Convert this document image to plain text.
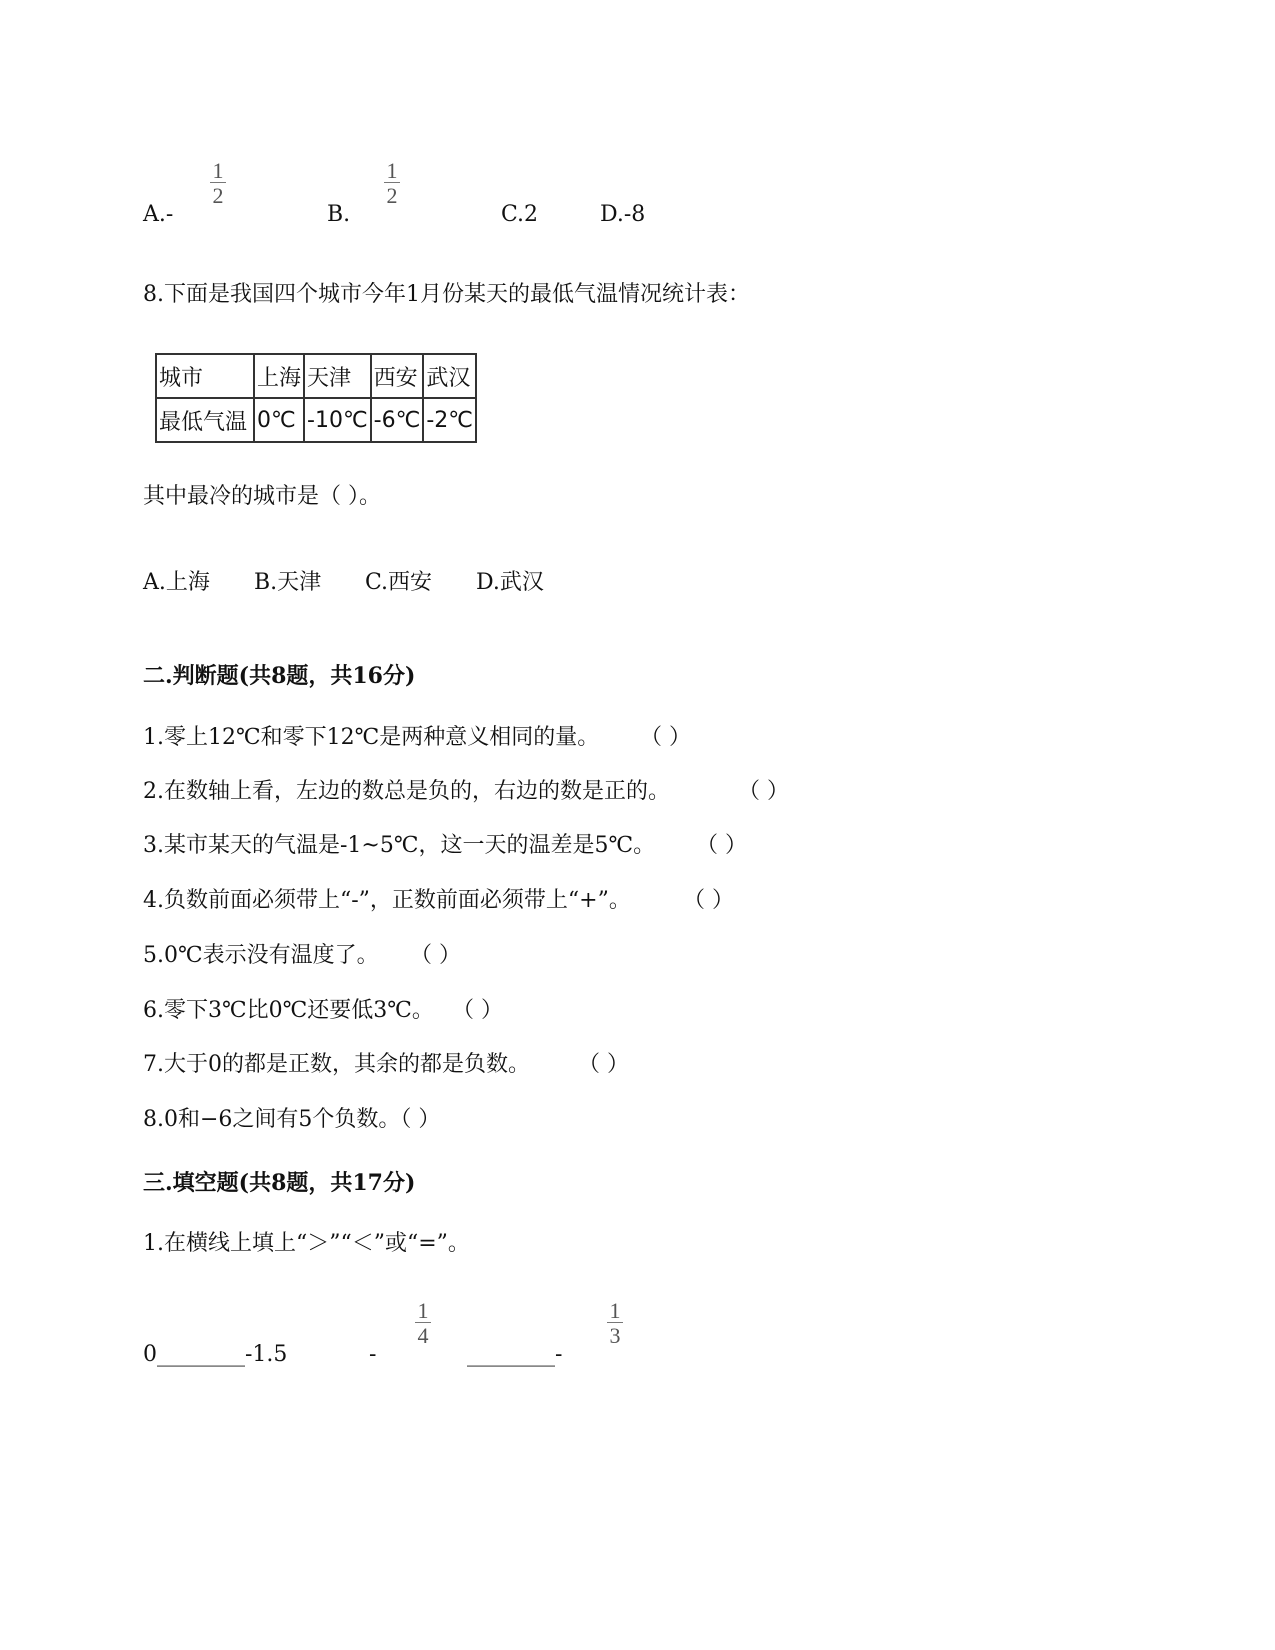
A.-
1
2
B.
1
2
C.2	D.-8
8.下面是我国四个城市今年1月份某天的最低气温情况统计表：
城市	上海	天津	西安	武汉
最低气温	0℃	-10℃	-6℃	-2℃
其中最冷的城市是（ ）。
A.上海 B.天津 C.西安 D.武汉
二.判断题(共8题，共16分)
1.零上12℃和零下12℃是两种意义相同的量。 （ ）
2.在数轴上看，左边的数总是负的，右边的数是正的。	（ ）
3.某市某天的气温是-1~5℃，这一天的温差是5℃。 （ ）
4.负数前面必须带上“-”，正数前面必须带上“+”。 （ ）
5.0℃表示没有温度了。 （ ）
6.零下3℃比0℃还要低3℃。 （ ）
7.大于0的都是正数，其余的都是负数。 （ ）
8.0和−6之间有5个负数。（ ）
三.填空题(共8题，共17分)
1.在横线上填上“＞”“＜”或“=”。
0________-1.5	-
1
4
________-
1
3
